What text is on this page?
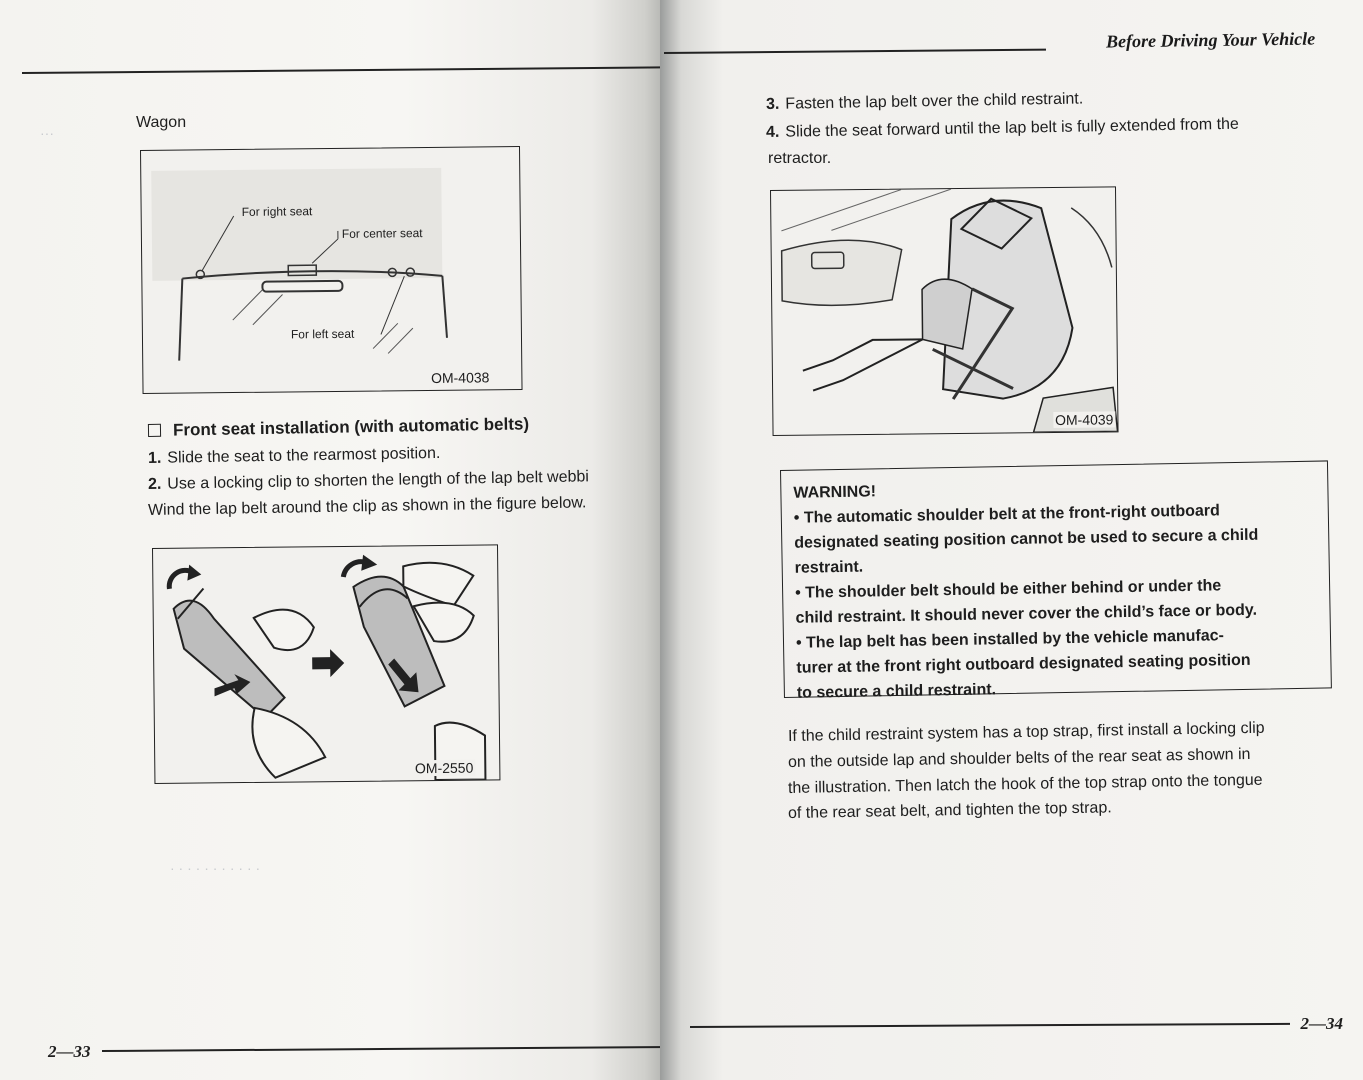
···
Wagon
For right seat
For center seat
For left seat
OM-4038
Front seat installation (with automatic belts)
1. Slide the seat to the rearmost position.
2. Use a locking clip to shorten the length of the lap belt webbi
Wind the lap belt around the clip as shown in the figure below.
OM-2550
· · · · · · · · · · ·
2—33
Before Driving Your Vehicle
3. Fasten the lap belt over the child restraint.
4. Slide the seat forward until the lap belt is fully extended from the
retractor.
OM-4039
WARNING!
• The automatic shoulder belt at the front-right outboard
designated seating position cannot be used to secure a child
restraint.
• The shoulder belt should be either behind or under the
child restraint. It should never cover the child’s face or body.
• The lap belt has been installed by the vehicle manufac-
turer at the front right outboard designated seating position
to secure a child restraint.
If the child restraint system has a top strap, first install a locking clip
on the outside lap and shoulder belts of the rear seat as shown in
the illustration. Then latch the hook of the top strap onto the tongue
of the rear seat belt, and tighten the top strap.
2—34
